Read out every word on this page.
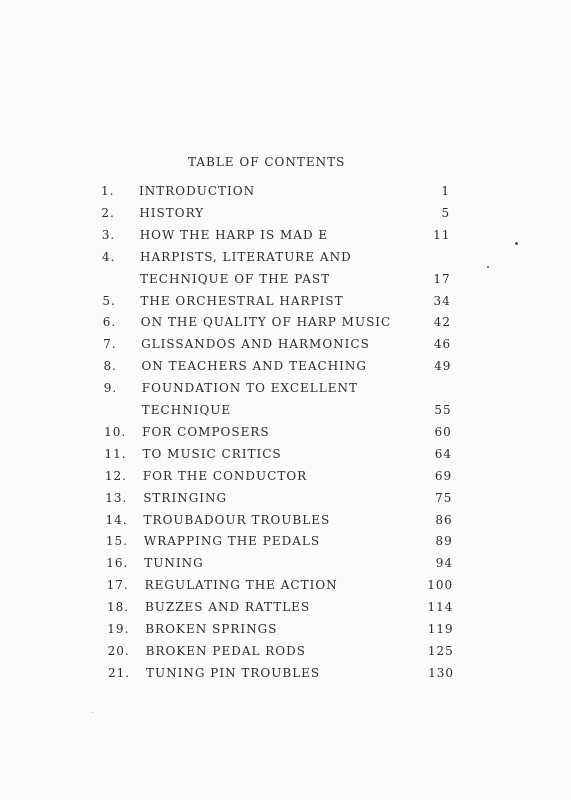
TABLE OF CONTENTS
1. INTRODUCTION	1
2. HISTORY	5
3. HOW THE HARP IS MAD E	11
4. HARPISTS, LITERATURE AND
TECHNIQUE OF THE PAST	17
5. THE ORCHESTRAL HARPIST	34
6. ON THE QUALITY OF HARP MUSIC	42
7. GLISSANDOS AND HARMONICS	46
8. ON TEACHERS AND TEACHING	49
9. FOUNDATION TO EXCELLENT
TECHNIQUE	55
10. FOR COMPOSERS	60
11. TO MUSIC CRITICS	64
12. FOR THE CONDUCTOR	69
13. STRINGING	75
14. TROUBADOUR TROUBLES	86
15. WRAPPING THE PEDALS	89
16. TUNING	94
17. REGULATING THE ACTION	100
18. BUZZES AND RATTLES	114
19. BROKEN SPRINGS	119
20. BROKEN PEDAL RODS	125
21. TUNING PIN TROUBLES	130
